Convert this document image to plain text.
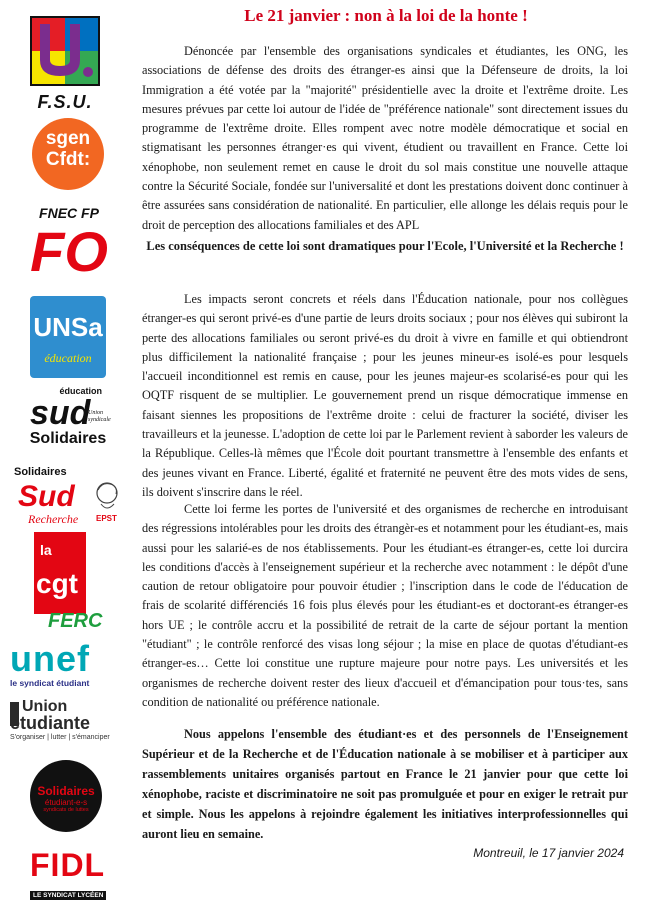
F.S.U.
sgen
Cfdt:
FNEC FP
FO
UNSa
éducation
éducation
sud
Union syndicale
Solidaires
Solidaires
Sud
Recherche EPST
la
cgt
FERC
unef
le syndicat étudiant
Union
étudiante
S'organiser | lutter | s'émanciper
Solidaires
étudiant-e-s
syndicats de luttes
FIDL
LE SYNDICAT LYCÉEN
Le 21 janvier : non à la loi de la honte !

Dénoncée par l'ensemble des organisations syndicales et étudiantes, les ONG, les associations de défense des droits des étranger-es ainsi que la Défenseure de droits, la loi Immigration a été votée par la "majorité" présidentielle avec la droite et l'extrême droite. Les mesures prévues par cette loi autour de l'idée de "préférence nationale" sont directement issues du programme de l'extrême droite. Elles rompent avec notre modèle démocratique et social en stigmatisant les personnes étranger·es qui vivent, étudient ou travaillent en France. Cette loi xénophobe, non seulement remet en cause le droit du sol mais constitue une nouvelle attaque contre la Sécurité Sociale, fondée sur l'universalité et dont les prestations doivent donc continuer à être assurées sans considération de nationalité. En particulier, elle allonge les délais requis pour le droit de perception des allocations familiales et des APL

Les conséquences de cette loi sont dramatiques pour l'Ecole, l'Université et la Recherche !

Les impacts seront concrets et réels dans l'Éducation nationale, pour nos collègues étranger-es qui seront privé-es d'une partie de leurs droits sociaux ; pour nos élèves qui subiront la perte des allocations familiales ou seront privé-es du droit à vivre en famille et qui obtiendront plus difficilement la nationalité française ; pour les jeunes mineur-es isolé-es pour lesquels l'accueil inconditionnel est remis en cause, pour les jeunes majeur-es scolarisé-es pour qui les OQTF risquent de se multiplier. Le gouvernement prend un risque démocratique immense en faisant siennes les propositions de l'extrême droite : celui de fracturer la société, diviser les travailleurs et la jeunesse. L'adoption de cette loi par le Parlement revient à saborder les valeurs de la République. Celles-là mêmes que l'École doit pourtant transmettre à l'ensemble des enfants et des jeunes vivant en France. Liberté, égalité et fraternité ne peuvent être des mots vides de sens, ils doivent s'inscrire dans le réel.

Cette loi ferme les portes de l'université et des organismes de recherche en introduisant des régressions intolérables pour les droits des étrangèr-es et notamment pour les étudiant-es, mais aussi pour les salarié-es de nos établissements. Pour les étudiant-es étranger-es, cette loi durcira les conditions d'accès à l'enseignement supérieur et la recherche avec notamment : le dépôt d'une caution de retour obligatoire pour pouvoir étudier ; l'inscription dans le code de l'éducation de frais de scolarité différenciés 16 fois plus élevés pour les étudiant-es et doctorant-es étranger-es hors UE ; le contrôle accru et la possibilité de retrait de la carte de séjour portant la mention "étudiant" ; le contrôle renforcé des visas long séjour ; la mise en place de quotas d'étudiant-es étranger-es… Cette loi constitue une rupture majeure pour notre pays. Les universités et les organismes de recherche doivent rester des lieux d'accueil et d'émancipation pour tous·tes, sans condition de nationalité ou préférence nationale.

Nous appelons l'ensemble des étudiant·es et des personnels de l'Enseignement Supérieur et de la Recherche et de l'Éducation nationale à se mobiliser et à participer aux rassemblements unitaires organisés partout en France le 21 janvier pour que cette loi xénophobe, raciste et discriminatoire ne soit pas promulguée et pour en exiger le retrait pur et simple. Nous les appelons à rejoindre également les initiatives interprofessionnelles qui auront lieu en semaine.

Montreuil, le 17 janvier 2024
